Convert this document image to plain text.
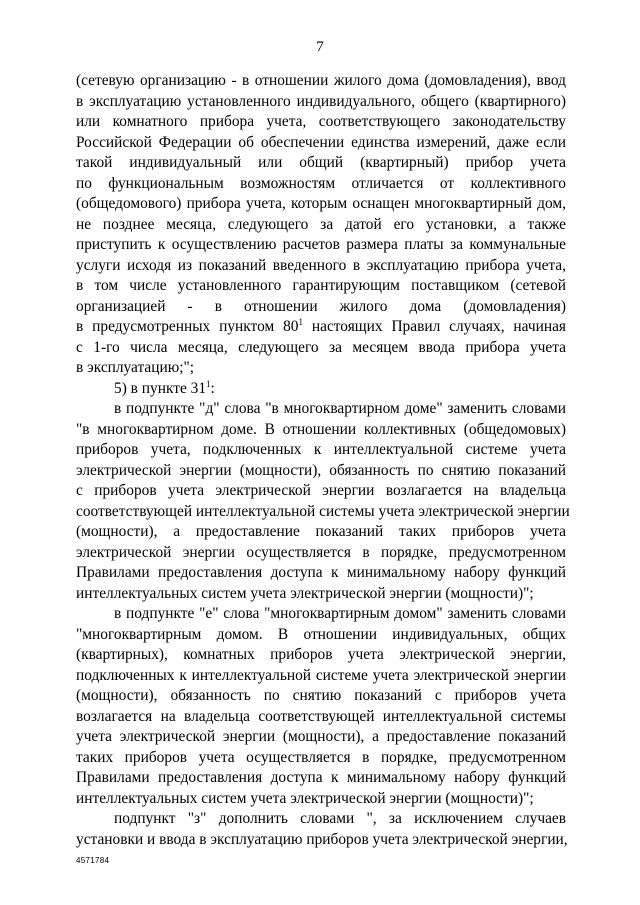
7
(сетевую организацию - в отношении жилого дома (домовладения), ввод
в эксплуатацию установленного индивидуального, общего (квартирного)
или комнатного прибора учета, соответствующего законодательству
Российской Федерации об обеспечении единства измерений, даже если
такой индивидуальный или общий (квартирный) прибор учета
по функциональным возможностям отличается от коллективного
(общедомового) прибора учета, которым оснащен многоквартирный дом,
не позднее месяца, следующего за датой его установки, а также
приступить к осуществлению расчетов размера платы за коммунальные
услуги исходя из показаний введенного в эксплуатацию прибора учета,
в том числе установленного гарантирующим поставщиком (сетевой
организацией - в отношении жилого дома (домовладения)
в предусмотренных пунктом $80^1$ настоящих Правил случаях, начиная
с 1-го числа месяца, следующего за месяцем ввода прибора учета
в эксплуатацию;";
5) в пункте $31^1$:
в подпункте "д" слова "в многоквартирном доме" заменить словами
"в многоквартирном доме. В отношении коллективных (общедомовых)
приборов учета, подключенных к интеллектуальной системе учета
электрической энергии (мощности), обязанность по снятию показаний
с приборов учета электрической энергии возлагается на владельца
соответствующей интеллектуальной системы учета электрической энергии
(мощности), а предоставление показаний таких приборов учета
электрической энергии осуществляется в порядке, предусмотренном
Правилами предоставления доступа к минимальному набору функций
интеллектуальных систем учета электрической энергии (мощности)";
в подпункте "е" слова "многоквартирным домом" заменить словами
"многоквартирным домом. В отношении индивидуальных, общих
(квартирных), комнатных приборов учета электрической энергии,
подключенных к интеллектуальной системе учета электрической энергии
(мощности), обязанность по снятию показаний с приборов учета
возлагается на владельца соответствующей интеллектуальной системы
учета электрической энергии (мощности), а предоставление показаний
таких приборов учета осуществляется в порядке, предусмотренном
Правилами предоставления доступа к минимальному набору функций
интеллектуальных систем учета электрической энергии (мощности)";
подпункт "з" дополнить словами ", за исключением случаев
установки и ввода в эксплуатацию приборов учета электрической энергии,
4571784
